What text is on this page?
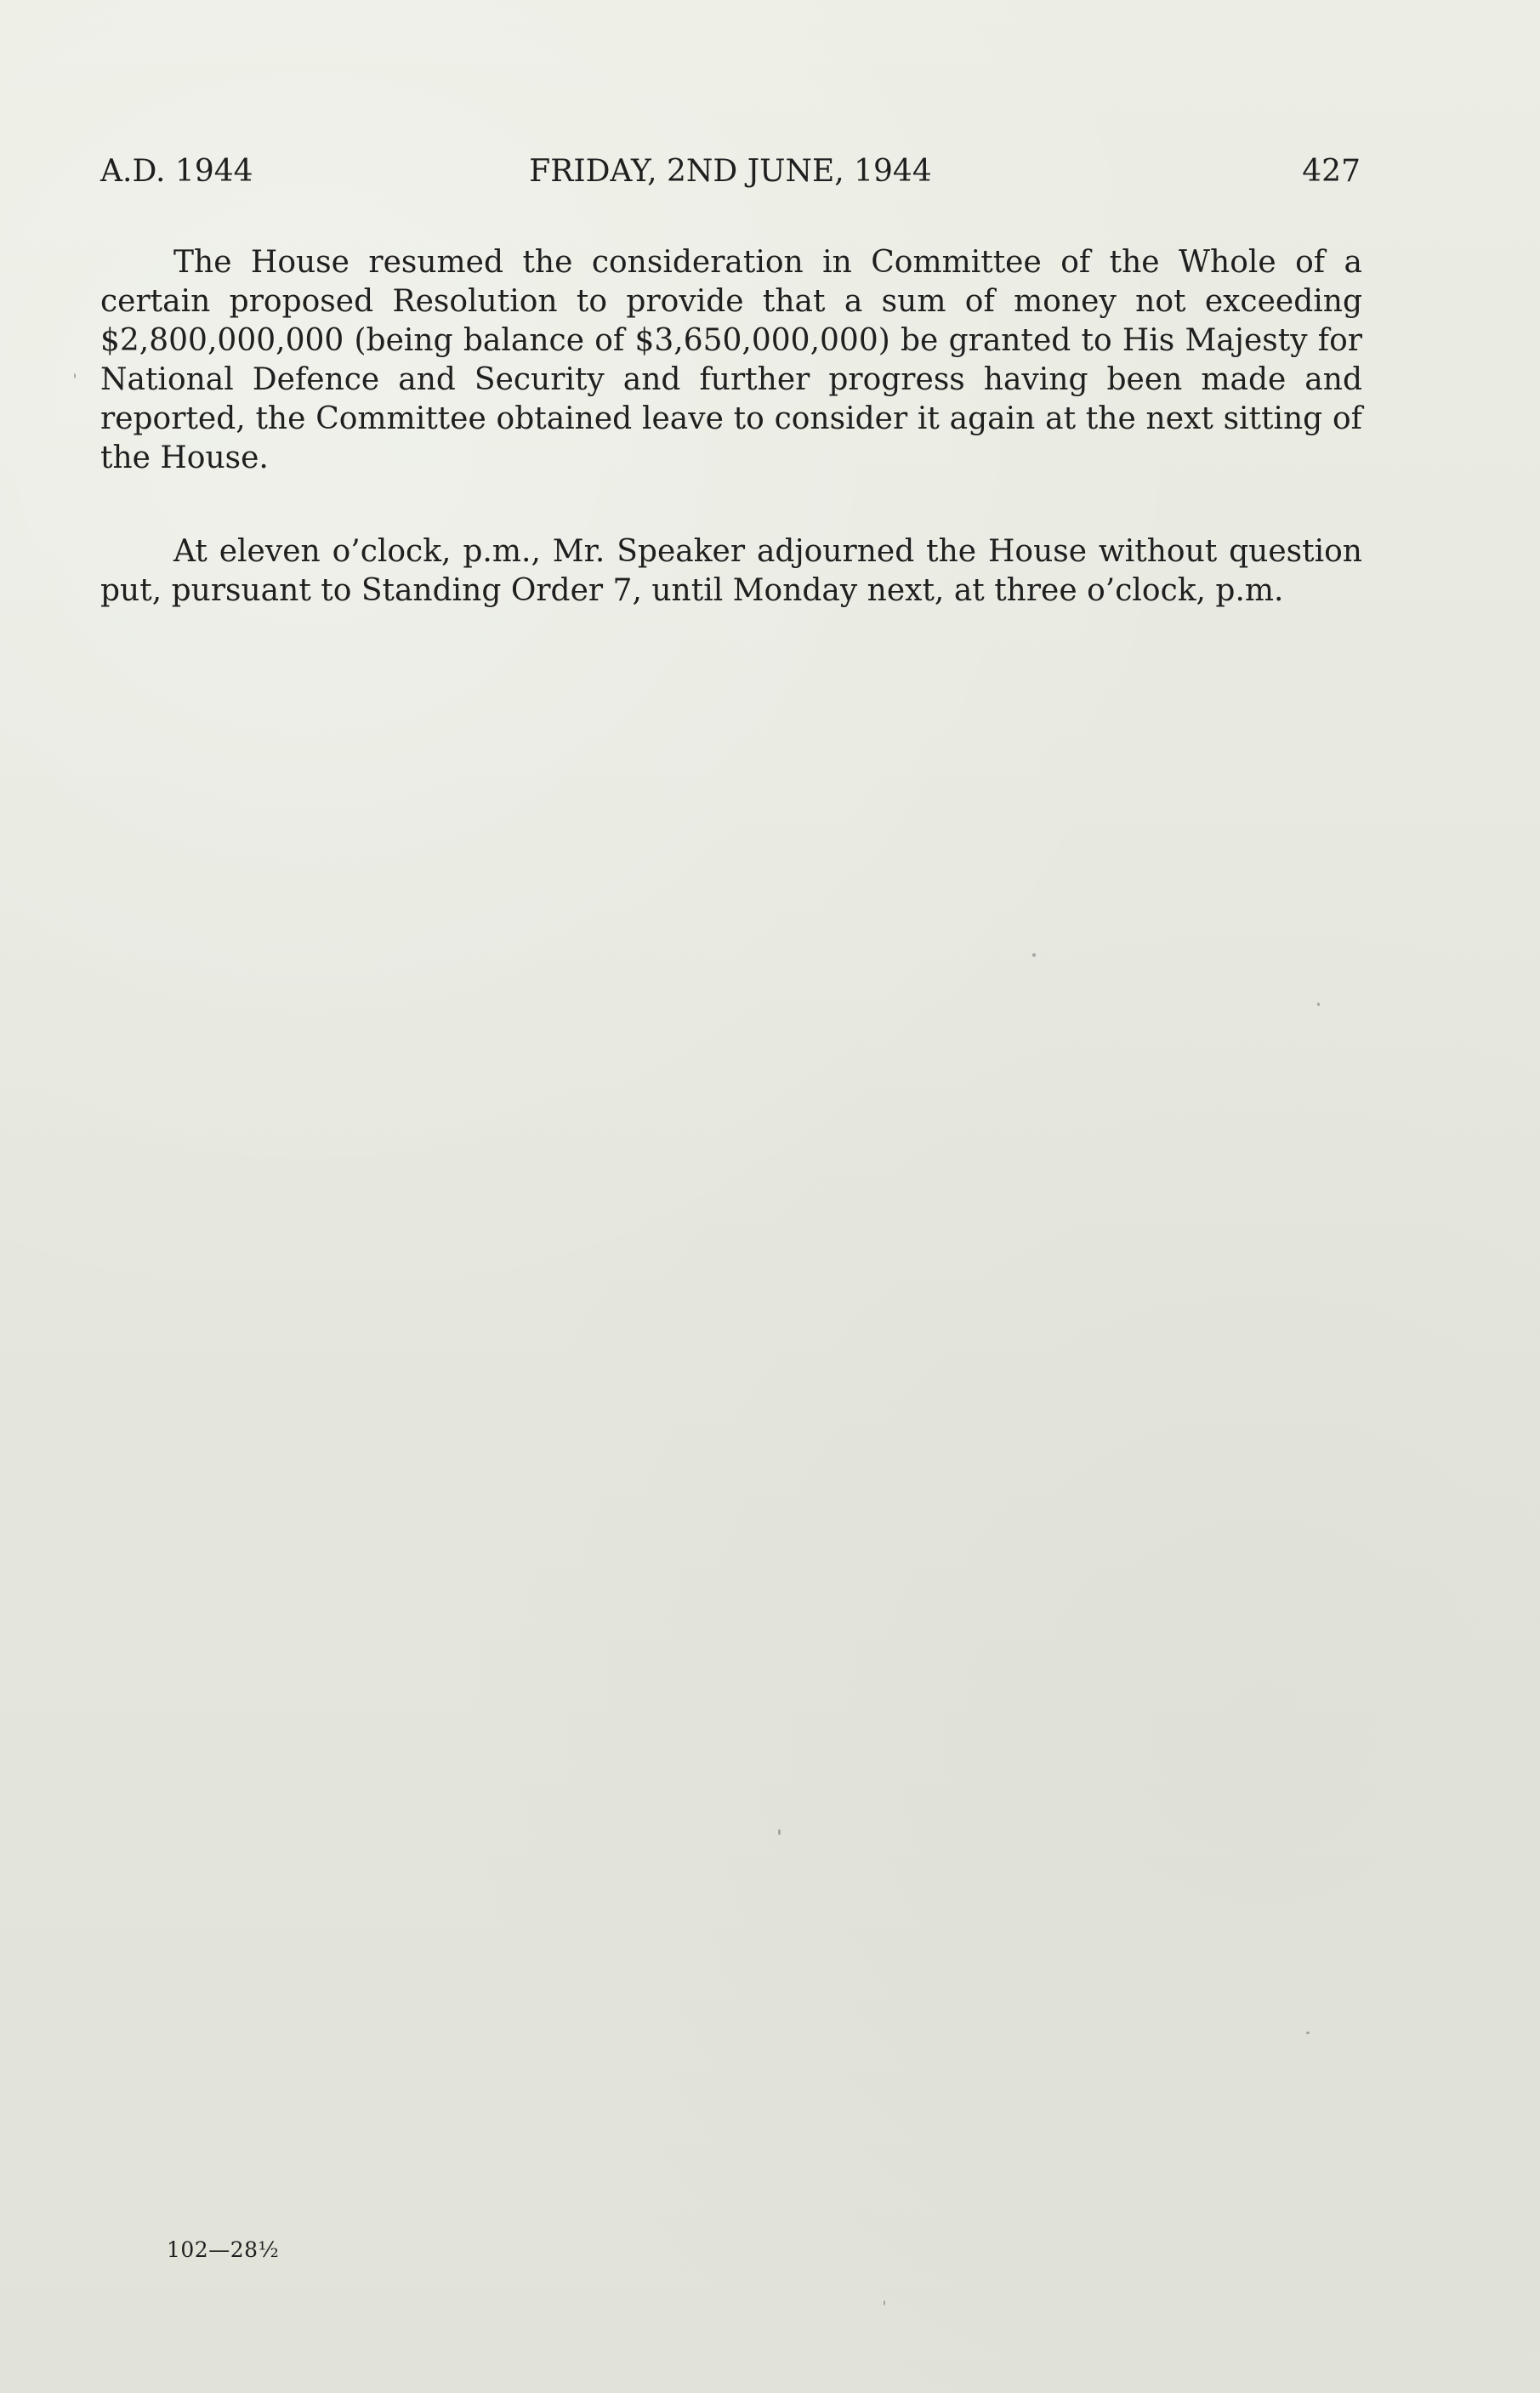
A.D. 1944	FRIDAY, 2ND JUNE, 1944	427

The House resumed the consideration in Committee of the Whole of a certain proposed Resolution to provide that a sum of money not exceeding $2,800,000,000 (being balance of $3,650,000,000) be granted to His Majesty for National Defence and Security and further progress having been made and reported, the Committee obtained leave to consider it again at the next sitting of the House.

At eleven o’clock, p.m., Mr. Speaker adjourned the House without question put, pursuant to Standing Order 7, until Monday next, at three o’clock, p.m.

102—28½
